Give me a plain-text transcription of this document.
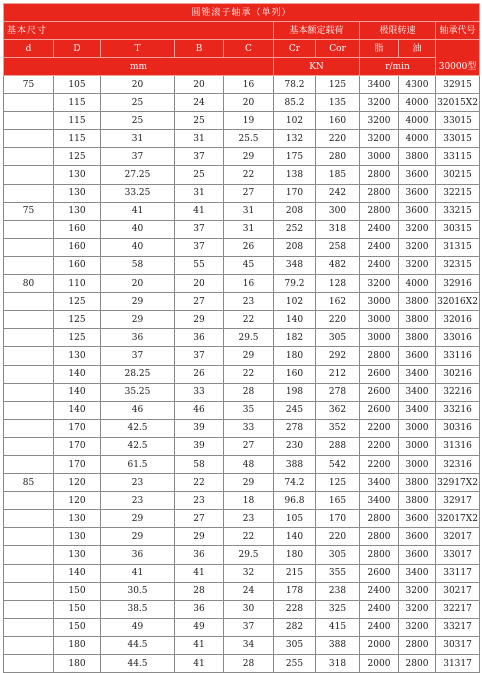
圆锥滚子轴承（单列）									
基本尺寸					基本额定载荷		极限转速		轴承代号
d	D	T	B	C	Cr	Cor	脂	油	30000型
mm					KN		r/min		
75	105	20	20	16	78.2	125	3400	4300	32915
	115	25	24	20	85.2	135	3200	4000	32015X2
	115	25	25	19	102	160	3200	4000	33015
	115	31	31	25.5	132	220	3200	4000	33015
	125	37	37	29	175	280	3000	3800	33115
	130	27.25	25	22	138	185	2800	3600	30215
	130	33.25	31	27	170	242	2800	3600	32215
75	130	41	41	31	208	300	2800	3600	33215
	160	40	37	31	252	318	2400	3200	30315
	160	40	37	26	208	258	2400	3200	31315
	160	58	55	45	348	482	2400	3200	32315
80	110	20	20	16	79.2	128	3200	4000	32916
	125	29	27	23	102	162	3000	3800	32016X2
	125	29	29	22	140	220	3000	3800	32016
	125	36	36	29.5	182	305	3000	3800	33016
	130	37	37	29	180	292	2800	3600	33116
	140	28.25	26	22	160	212	2600	3400	30216
	140	35.25	33	28	198	278	2600	3400	32216
	140	46	46	35	245	362	2600	3400	33216
	170	42.5	39	33	278	352	2200	3000	30316
	170	42.5	39	27	230	288	2200	3000	31316
	170	61.5	58	48	388	542	2200	3000	32316
85	120	23	22	29	74.2	125	3400	3800	32917X2
	120	23	23	18	96.8	165	3400	3800	32917
	130	29	27	23	105	170	2800	3600	32017X2
	130	29	29	22	140	220	2800	3600	32017
	130	36	36	29.5	180	305	2800	3600	33017
	140	41	41	32	215	355	2600	3400	33117
	150	30.5	28	24	178	238	2400	3200	30217
	150	38.5	36	30	228	325	2400	3200	32217
	150	49	49	37	282	415	2400	3200	33217
	180	44.5	41	34	305	388	2000	2800	30317
	180	44.5	41	28	255	318	2000	2800	31317
